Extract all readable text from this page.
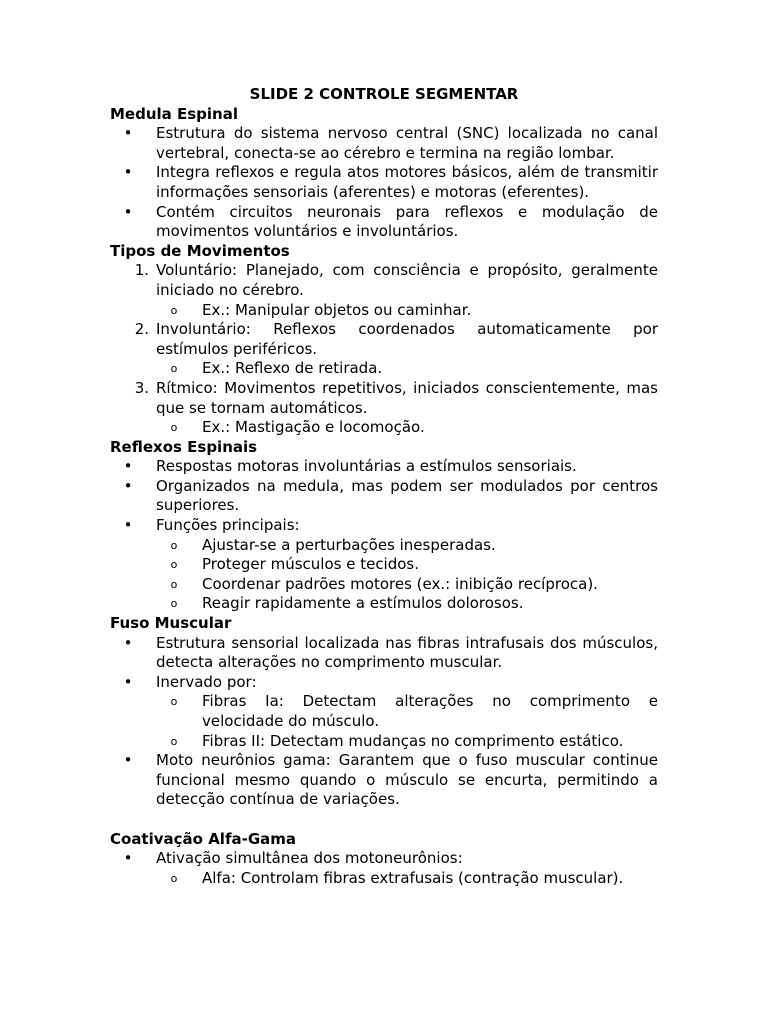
SLIDE 2 CONTROLE SEGMENTAR
Medula Espinal
•	Estrutura do sistema nervoso central (SNC) localizada no canal vertebral, conecta-se ao cérebro e termina na região lombar.
•	Integra reflexos e regula atos motores básicos, além de transmitir informações sensoriais (aferentes) e motoras (eferentes).
•	Contém circuitos neuronais para reflexos e modulação de movimentos voluntários e involuntários.
Tipos de Movimentos
1. Voluntário: Planejado, com consciência e propósito, geralmente iniciado no cérebro.
o	Ex.: Manipular objetos ou caminhar.
2. Involuntário: Reflexos coordenados automaticamente por estímulos periféricos.
o	Ex.: Reflexo de retirada.
3. Rítmico: Movimentos repetitivos, iniciados conscientemente, mas que se tornam automáticos.
o	Ex.: Mastigação e locomoção.
Reflexos Espinais
•	Respostas motoras involuntárias a estímulos sensoriais.
•	Organizados na medula, mas podem ser modulados por centros superiores.
•	Funções principais:
o	Ajustar-se a perturbações inesperadas.
o	Proteger músculos e tecidos.
o	Coordenar padrões motores (ex.: inibição recíproca).
o	Reagir rapidamente a estímulos dolorosos.
Fuso Muscular
•	Estrutura sensorial localizada nas fibras intrafusais dos músculos, detecta alterações no comprimento muscular.
•	Inervado por:
o	Fibras Ia: Detectam alterações no comprimento e velocidade do músculo.
o	Fibras II: Detectam mudanças no comprimento estático.
•	Moto neurônios gama: Garantem que o fuso muscular continue funcional mesmo quando o músculo se encurta, permitindo a detecção contínua de variações.
Coativação Alfa-Gama
•	Ativação simultânea dos motoneurônios:
o	Alfa: Controlam fibras extrafusais (contração muscular).
